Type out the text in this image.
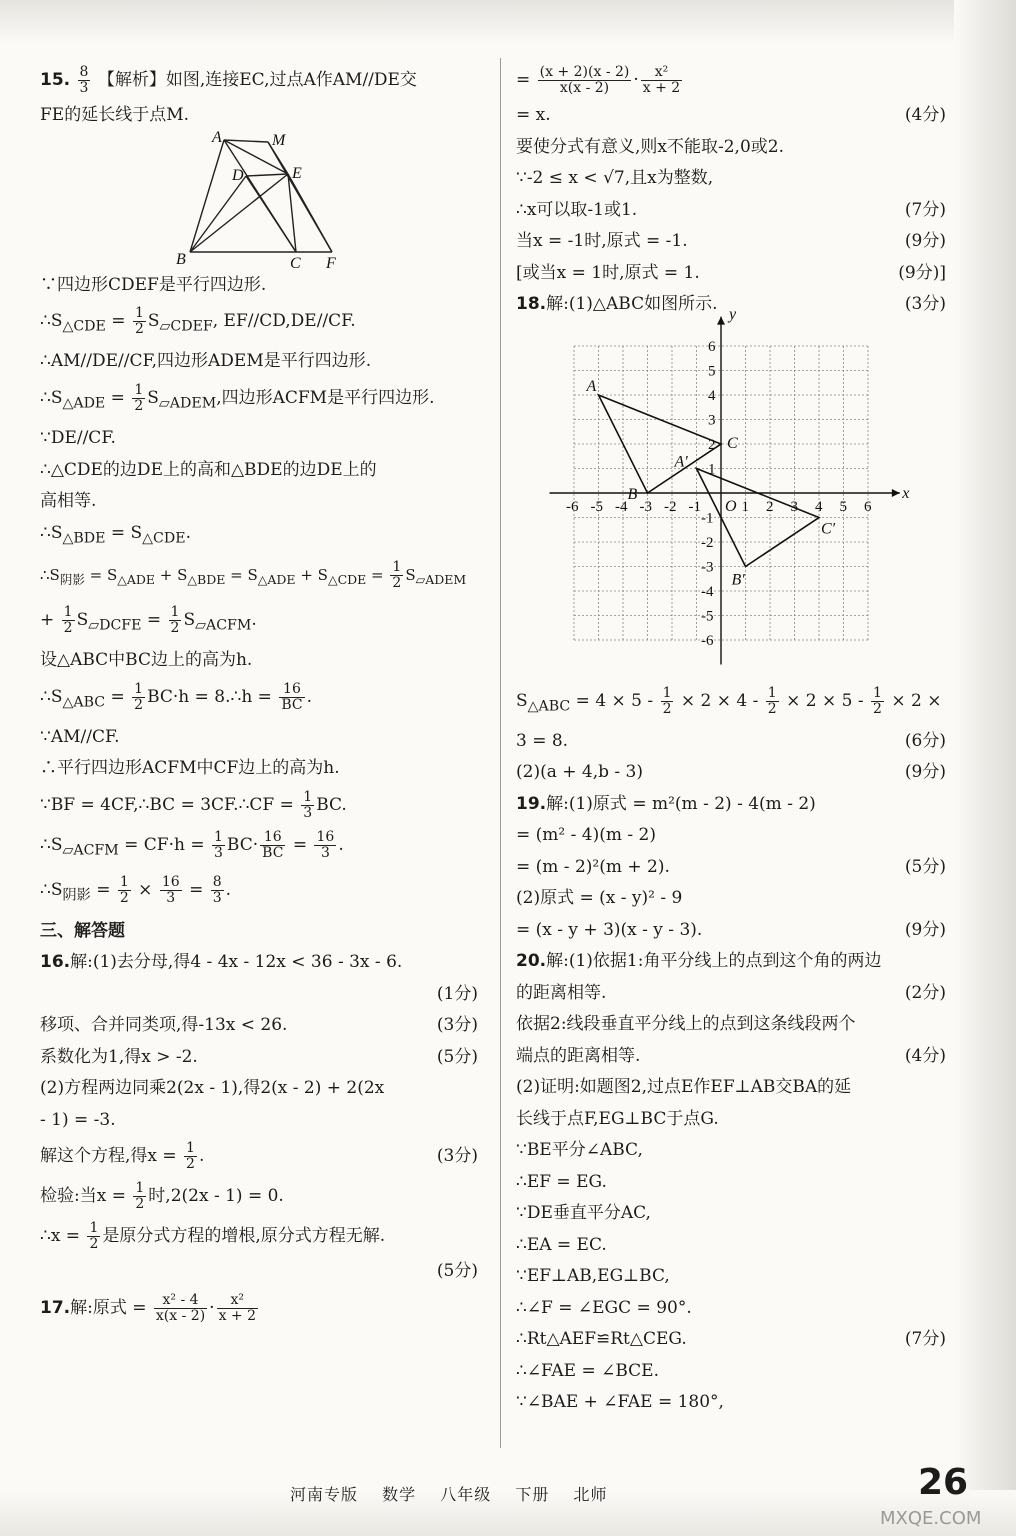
15. $\frac{8}{3}$ 【解析】如图,连接EC,过点A作AM//DE交
FE的延长线于点M.
A	M
D	E
B	C F
∵四边形CDEF是平行四边形.
$\therefore S_{\triangle CDE} = \frac{1}{2} S_{▱CDEF}$, EF//CD,DE//CF.
∴AM//DE//CF,四边形ADEM是平行四边形.
$\therefore S_{\triangle ADE} = \frac{1}{2} S_{▱ADEM}$,四边形ACFM是平行四边形.
∵DE//CF.
∴△CDE的边DE上的高和△BDE的边DE上的
高相等.
$\therefore S_{\triangle BDE} = S_{\triangle CDE}$.
$\therefore S_{阴影} = S_{\triangle ADE} + S_{\triangle BDE} = S_{\triangle ADE} + S_{\triangle CDE} = \frac{1}{2} S_{▱ADEM}$
+ $\frac{1}{2} S_{▱DCFE} = \frac{1}{2} S_{▱ACFM}$.
设△ABC中BC边上的高为h.
$\therefore S_{\triangle ABC} = \frac{1}{2} BC\cdot h$ = 8.∴h = $\frac{16}{BC}$ .
∵AM//CF.
∴平行四边形ACFM中CF边上的高为h.
∵BF = 4CF,∴BC = 3CF.∴CF = $\frac{1}{3}$ BC.
$\therefore S_{▱ACFM} = CF\cdot h = \frac{1}{3} BC\cdot \frac{16}{BC} = \frac{16}{3}$ .
$\therefore S_{阴影} = \frac{1}{2} \times \frac{16}{3} = \frac{8}{3}$ .
三、解答题
16.解:(1)去分母,得4 - 4x - 12x < 36 - 3x - 6.
(1分)
移项、合并同类项,得-13x < 26.	(3分)
系数化为1,得x > -2.	(5分)
(2)方程两边同乘2(2x - 1),得2(x - 2) + 2(2x
- 1) = -3.
解这个方程,得$x = \frac{1}{2}$ .	(3分)
检验:当$x = \frac{1}{2}$ 时,2(2x - 1) = 0.
∴x = $\frac{1}{2}$ 是原分式方程的增根,原分式方程无解.
(5分)
17.解:原式 = $\frac{\text{x² - 4}}{x(x - 2)} \cdot \frac{\text{x²}}{x + 2}$
= $\frac{(x + 2)(x - 2)}{x(x - 2)} \cdot \frac{\text{x²}}{x + 2}$
= x.	(4分)
要使分式有意义,则x不能取-2,0或2.
∵-2 ≤ x < √7,且x为整数,
∴x可以取-1或1.	(7分)
当x = -1时,原式 = -1.	(9分)
[或当x = 1时,原式 = 1.	(9分)]
18.解:(1)△ABC如图所示.	(3分)
-6 -5 -4 -3 -2 -1	1 2 3 4 5 6
6
5
4
3
2
1
-1
-2
-3
-4
-5
-6
x
y
O
A
B
C
A′
B′
C′
$S_{\triangle ABC} = 4 \times 5 - \frac{1}{2} \times 2 \times 4 - \frac{1}{2} \times 2 \times 5 - \frac{1}{2} \times 2$ ×
3 = 8.	(6分)
(2)(a + 4,b - 3)	(9分)
19.解:(1)原式 = m²(m - 2) - 4(m - 2)
= (m² - 4)(m - 2)
= (m - 2)²(m + 2).	(5分)
(2)原式 = (x - y)² - 9
= (x - y + 3)(x - y - 3).	(9分)
20.解:(1)依据1:角平分线上的点到这个角的两边
的距离相等.	(2分)
依据2:线段垂直平分线上的点到这条线段两个
端点的距离相等.	(4分)
(2)证明:如题图2,过点E作EF⊥AB交BA的延
长线于点F,EG⊥BC于点G.
∵BE平分∠ABC,
∴EF = EG.
∵DE垂直平分AC,
∴EA = EC.
∵EF⊥AB,EG⊥BC,
∴∠F = ∠EGC = 90°.
∴Rt△AEF≌Rt△CEG.	(7分)
∴∠FAE = ∠BCE.
∵∠BAE + ∠FAE = 180°,
河南专版 数学 八年级 下册 北师	26
MXQE.COM
